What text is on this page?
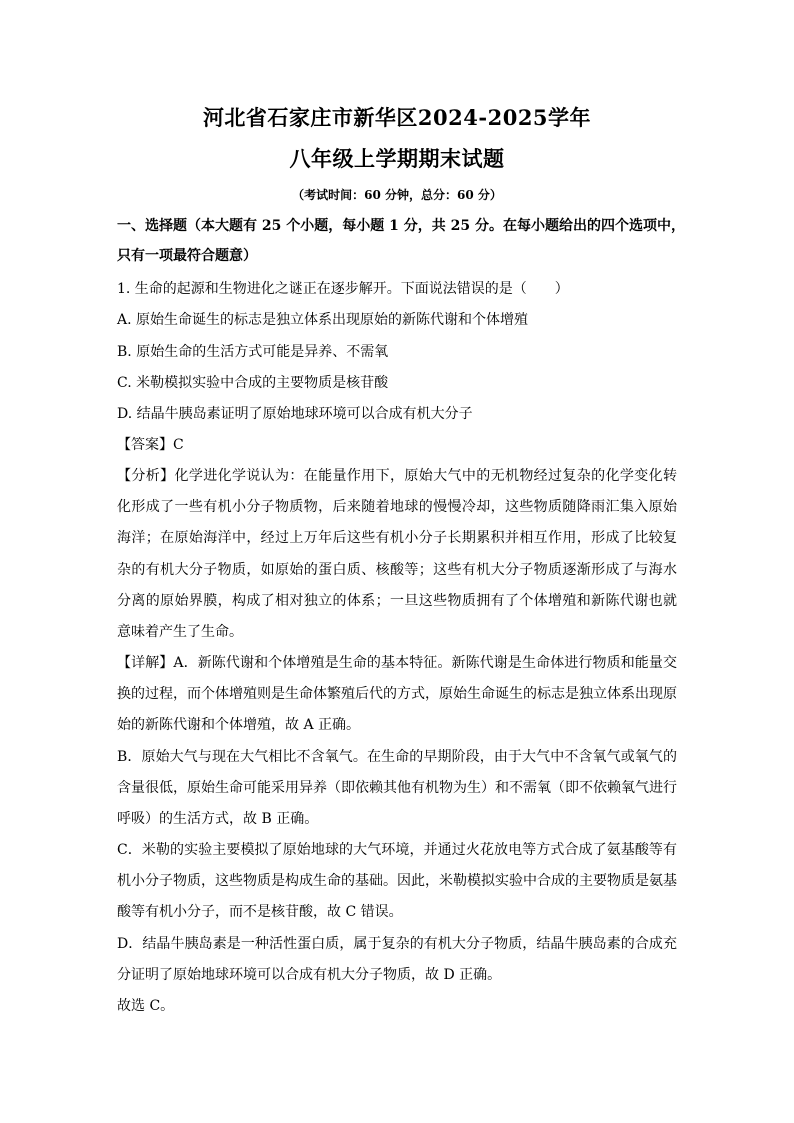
河北省石家庄市新华区2024-2025学年
八年级上学期期末试题
（考试时间：60 分钟，总分：60 分）
一、选择题（本大题有 25 个小题，每小题 1 分，共 25 分。在每小题给出的四个选项中，
只有一项最符合题意）
1. 生命的起源和生物进化之谜正在逐步解开。下面说法错误的是（　　）
A. 原始生命诞生的标志是独立体系出现原始的新陈代谢和个体增殖
B. 原始生命的生活方式可能是异养、不需氧
C. 米勒模拟实验中合成的主要物质是核苷酸
D. 结晶牛胰岛素证明了原始地球环境可以合成有机大分子
【答案】C
【分析】化学进化学说认为：在能量作用下，原始大气中的无机物经过复杂的化学变化转
化形成了一些有机小分子物质物，后来随着地球的慢慢冷却，这些物质随降雨汇集入原始
海洋；在原始海洋中，经过上万年后这些有机小分子长期累积并相互作用，形成了比较复
杂的有机大分子物质，如原始的蛋白质、核酸等；这些有机大分子物质逐渐形成了与海水
分离的原始界膜，构成了相对独立的体系；一旦这些物质拥有了个体增殖和新陈代谢也就
意味着产生了生命。
【详解】A．新陈代谢和个体增殖是生命的基本特征。新陈代谢是生命体进行物质和能量交
换的过程，而个体增殖则是生命体繁殖后代的方式，原始生命诞生的标志是独立体系出现原
始的新陈代谢和个体增殖，故 A 正确。
B．原始大气与现在大气相比不含氧气。在生命的早期阶段，由于大气中不含氧气或氧气的
含量很低，原始生命可能采用异养（即依赖其他有机物为生）和不需氧（即不依赖氧气进行
呼吸）的生活方式，故 B 正确。
C．米勒的实验主要模拟了原始地球的大气环境，并通过火花放电等方式合成了氨基酸等有
机小分子物质，这些物质是构成生命的基础。因此，米勒模拟实验中合成的主要物质是氨基
酸等有机小分子，而不是核苷酸，故 C 错误。
D．结晶牛胰岛素是一种活性蛋白质，属于复杂的有机大分子物质，结晶牛胰岛素的合成充
分证明了原始地球环境可以合成有机大分子物质，故 D 正确。
故选 C。
